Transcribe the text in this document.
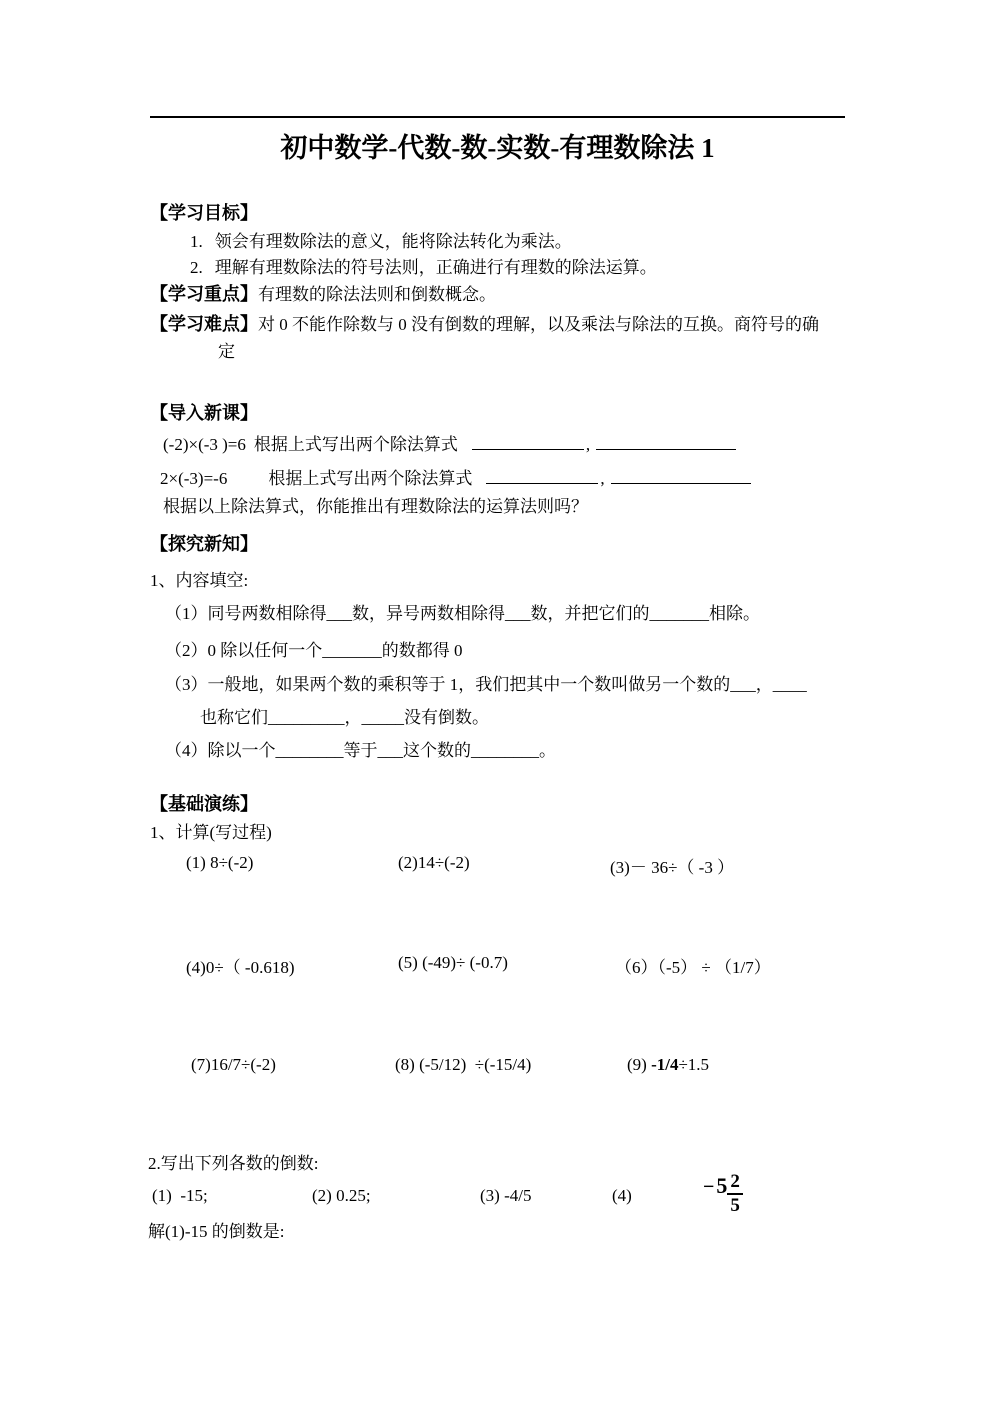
初中数学-代数-数-实数-有理数除法 1
【学习目标】
1. 领会有理数除法的意义，能将除法转化为乘法。
2. 理解有理数除法的符号法则，正确进行有理数的除法运算。
【学习重点】有理数的除法法则和倒数概念。
【学习难点】对 0 不能作除数与 0 没有倒数的理解，以及乘法与除法的互换。商符号的确
定
【导入新课】
(-2)×(-3 )=6 根据上式写出两个除法算式	,
2×(-3)=-6 根据上式写出两个除法算式	,
根据以上除法算式，你能推出有理数除法的运算法则吗？
【探究新知】
1、内容填空:
（1）同号两数相除得___数，异号两数相除得___数，并把它们的_______相除。
（2）0 除以任何一个_______的数都得 0
（3）一般地，如果两个数的乘积等于 1，我们把其中一个数叫做另一个数的___，____
也称它们_________，_____没有倒数。
（4）除以一个________等于___这个数的________。
【基础演练】
1、计算(写过程)
(1) 8÷(-2)	(2)14÷(-2)	(3)－ 36÷（ -3 ）
(4)0÷（ -0.618)	(5) (-49)÷ (-0.7)	（6）（-5） ÷ （1/7）
(7)16/7÷(-2)	(8) (-5/12)  ÷(-15/4)	(9) -1/4÷1.5
2.写出下列各数的倒数:
(1)  -15;	(2) 0.25;	(3) -4/5	(4)	$-5 \frac{2}{5}$
解(1)-15 的倒数是:
